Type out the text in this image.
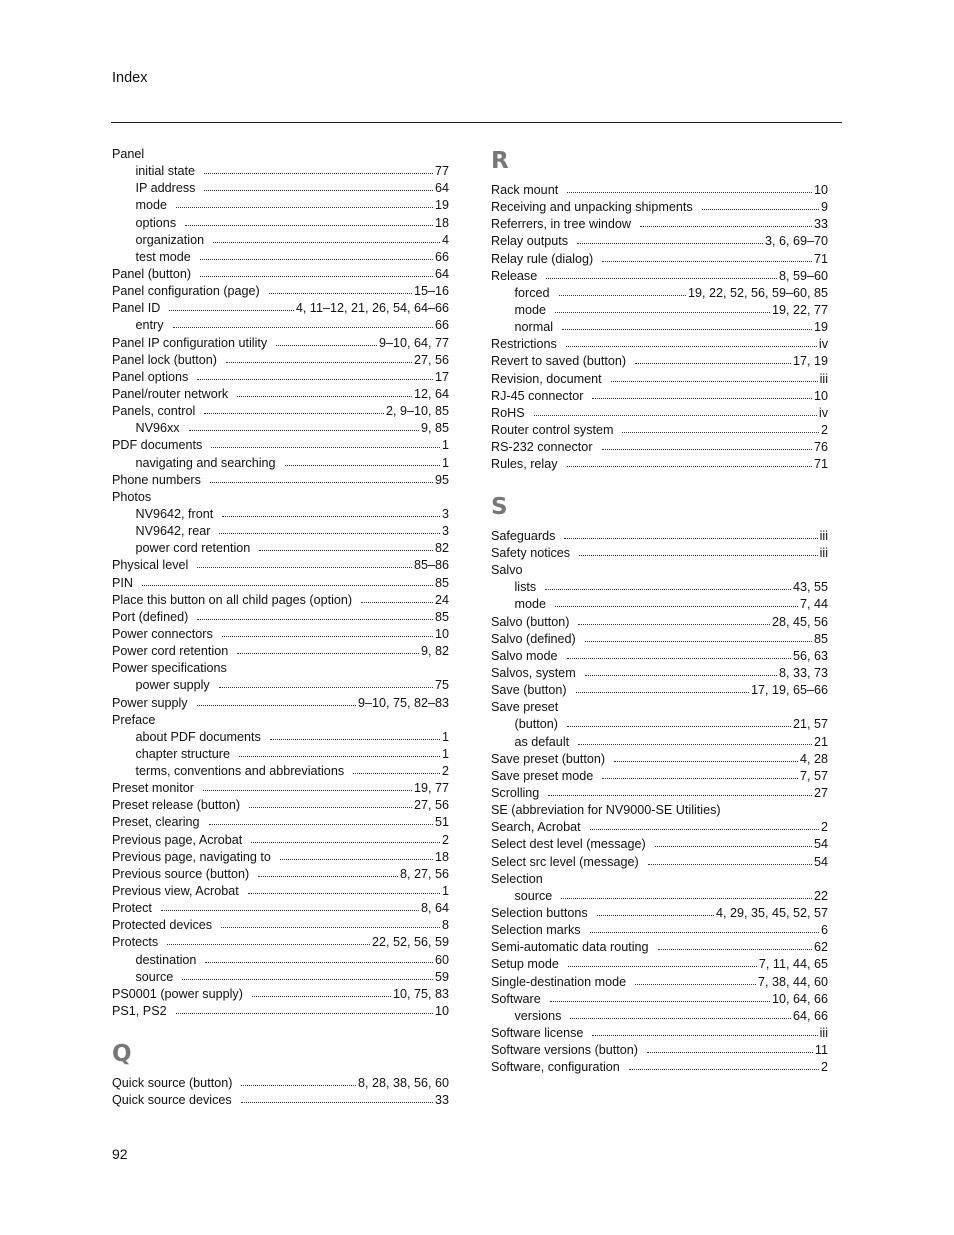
Index
Panel
initial state	77
IP address	64
mode	19
options	18
organization	4
test mode	66
Panel (button)	64
Panel configuration (page)	15–16
Panel ID	4, 11–12, 21, 26, 54, 64–66
entry	66
Panel IP configuration utility	9–10, 64, 77
Panel lock (button)	27, 56
Panel options	17
Panel/router network	12, 64
Panels, control	2, 9–10, 85
NV96xx	9, 85
PDF documents	1
navigating and searching	1
Phone numbers	95
Photos
NV9642, front	3
NV9642, rear	3
power cord retention	82
Physical level	85–86
PIN	85
Place this button on all child pages (option)	24
Port (defined)	85
Power connectors	10
Power cord retention	9, 82
Power specifications
power supply	75
Power supply	9–10, 75, 82–83
Preface
about PDF documents	1
chapter structure	1
terms, conventions and abbreviations	2
Preset monitor	19, 77
Preset release (button)	27, 56
Preset, clearing	51
Previous page, Acrobat	2
Previous page, navigating to	18
Previous source (button)	8, 27, 56
Previous view, Acrobat	1
Protect	8, 64
Protected devices	8
Protects	22, 52, 56, 59
destination	60
source	59
PS0001 (power supply)	10, 75, 83
PS1, PS2	10
Q
Quick source (button)	8, 28, 38, 56, 60
Quick source devices	33
R
Rack mount	10
Receiving and unpacking shipments	9
Referrers, in tree window	33
Relay outputs	3, 6, 69–70
Relay rule (dialog)	71
Release	8, 59–60
forced	19, 22, 52, 56, 59–60, 85
mode	19, 22, 77
normal	19
Restrictions	iv
Revert to saved (button)	17, 19
Revision, document	iii
RJ-45 connector	10
RoHS	iv
Router control system	2
RS-232 connector	76
Rules, relay	71
S
Safeguards	iii
Safety notices	iii
Salvo
lists	43, 55
mode	7, 44
Salvo (button)	28, 45, 56
Salvo (defined)	85
Salvo mode	56, 63
Salvos, system	8, 33, 73
Save (button)	17, 19, 65–66
Save preset
(button)	21, 57
as default	21
Save preset (button)	4, 28
Save preset mode	7, 57
Scrolling	27
SE (abbreviation for NV9000-SE Utilities)
Search, Acrobat	2
Select dest level (message)	54
Select src level (message)	54
Selection
source	22
Selection buttons	4, 29, 35, 45, 52, 57
Selection marks	6
Semi-automatic data routing	62
Setup mode	7, 11, 44, 65
Single-destination mode	7, 38, 44, 60
Software	10, 64, 66
versions	64, 66
Software license	iii
Software versions (button)	11
Software, configuration	2
92
